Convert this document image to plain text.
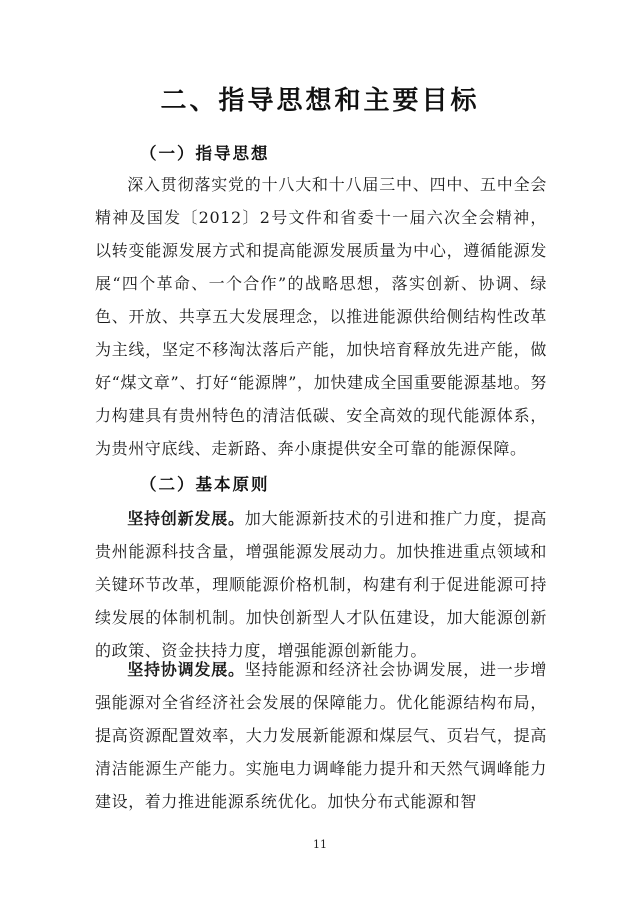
二、指导思想和主要目标
（一）指导思想
深入贯彻落实党的十八大和十八届三中、四中、五中全会精神及国发〔2012〕2号文件和省委十一届六次全会精神，以转变能源发展方式和提高能源发展质量为中心，遵循能源发展“四个革命、一个合作”的战略思想，落实创新、协调、绿色、开放、共享五大发展理念，以推进能源供给侧结构性改革为主线，坚定不移淘汰落后产能，加快培育释放先进产能，做好“煤文章”、打好“能源牌”，加快建成全国重要能源基地。努力构建具有贵州特色的清洁低碳、安全高效的现代能源体系，为贵州守底线、走新路、奔小康提供安全可靠的能源保障。
（二）基本原则
坚持创新发展。加大能源新技术的引进和推广力度，提高贵州能源科技含量，增强能源发展动力。加快推进重点领域和关键环节改革，理顺能源价格机制，构建有利于促进能源可持续发展的体制机制。加快创新型人才队伍建设，加大能源创新的政策、资金扶持力度，增强能源创新能力。
坚持协调发展。坚持能源和经济社会协调发展，进一步增强能源对全省经济社会发展的保障能力。优化能源结构布局，提高资源配置效率，大力发展新能源和煤层气、页岩气，提高清洁能源生产能力。实施电力调峰能力提升和天然气调峰能力建设，着力推进能源系统优化。加快分布式能源和智
11
